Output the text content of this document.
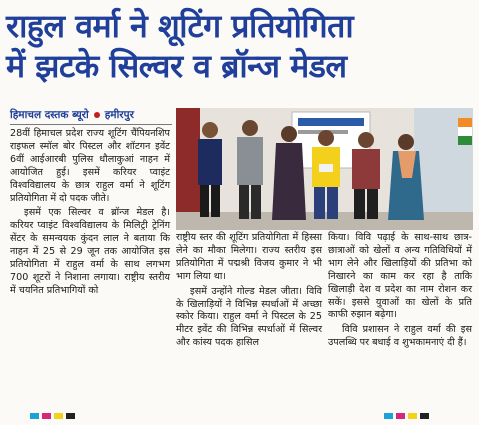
राहुल वर्मा ने शूटिंग प्रतियोगिता
में झटके सिल्वर व ब्रॉन्ज मेडल
हिमाचल दस्तक ब्यूरो हमीरपुर

28वीं हिमाचल प्रदेश राज्य शूटिंग चैंपियनशिप राइफल स्मॉल बोर पिस्टल और शॉटगन इवेंट 6वीं आईआरबी पुलिस धौलाकुआं नाहन में आयोजित हुई। इसमें करियर प्वाइंट विश्वविद्यालय के छात्र राहुल वर्मा ने शूटिंग प्रतियोगिता में दो पदक जीते।

इसमें एक सिल्वर व ब्रॉन्ज मेडल है। करियर प्वाइंट विश्वविद्यालय के मिलिट्री ट्रेनिंग सेंटर के समन्वयक कुंदन लाल ने बताया कि नाहन में 25 से 29 जून तक आयोजित इस प्रतियोगिता में राहुल वर्मा के साथ लगभग 700 शूटरों ने निशाना लगाया। राष्ट्रीय स्तरीय में चयनित प्रतिभागियों को

राष्ट्रीय स्तर की शूटिंग प्रतियोगिता में हिस्सा लेने का मौका मिलेगा। राज्य स्तरीय इस प्रतियोगिता में पद्मश्री विजय कुमार ने भी भाग लिया था।

इसमें उन्होंने गोल्ड मेडल जीता। विवि के खिलाड़ियों ने विभिन्न स्पर्धाओं में अच्छा स्कोर किया। राहुल वर्मा ने पिस्टल के 25 मीटर इवेंट की विभिन्न स्पर्धाओं में सिल्वर और कांस्य पदक हासिल

किया। विवि पढ़ाई के साथ-साथ छात्र-छात्राओं को खेलों व अन्य गतिविधियों में भाग लेने और खिलाड़ियों की प्रतिभा को निखारने का काम कर रहा है ताकि खिलाड़ी देश व प्रदेश का नाम रोशन कर सकें। इससे युवाओं का खेलों के प्रति काफी रुझान बढ़ेगा।

विवि प्रशासन ने राहुल वर्मा की इस उपलब्धि पर बधाई व शुभकामनाएं दी हैं।
